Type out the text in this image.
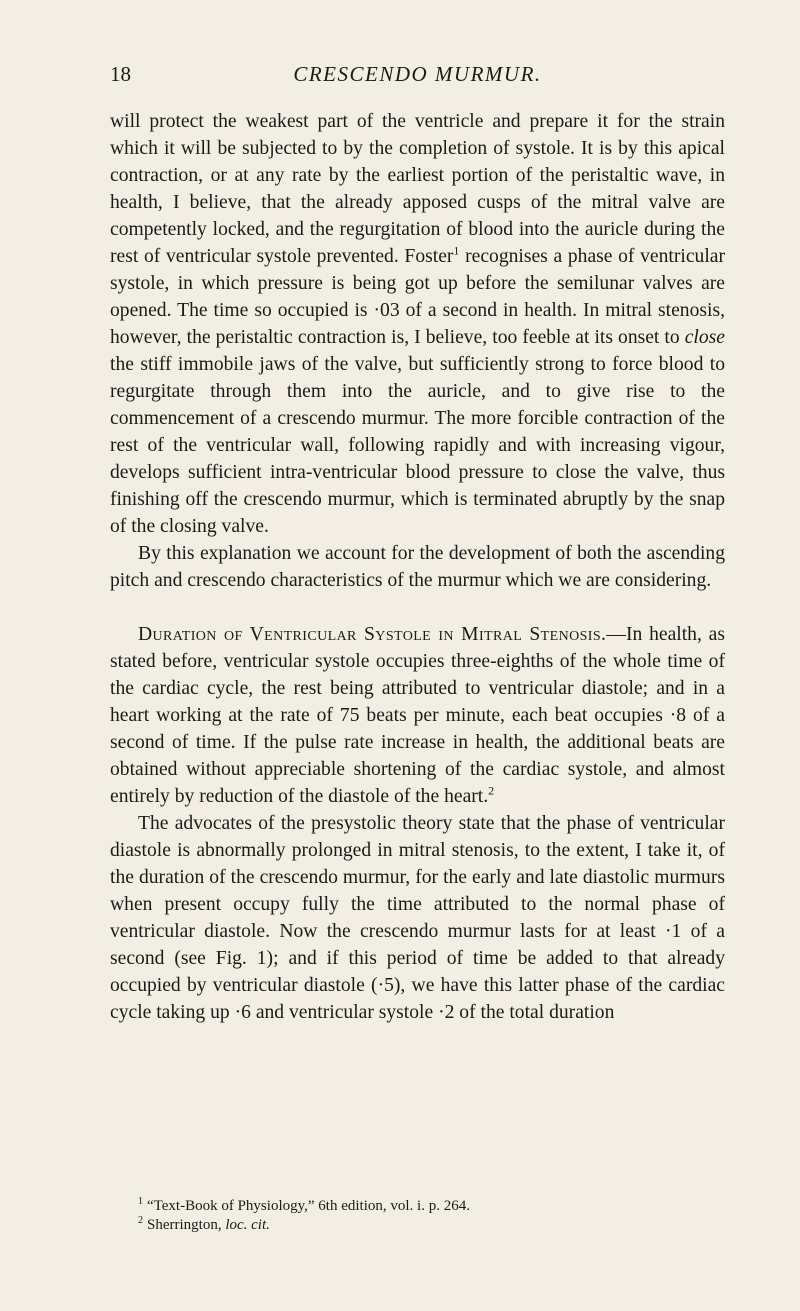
18	CRESCENDO MURMUR.

will protect the weakest part of the ventricle and prepare it for the strain which it will be subjected to by the completion of systole. It is by this apical contraction, or at any rate by the earliest portion of the peristaltic wave, in health, I believe, that the already apposed cusps of the mitral valve are competently locked, and the regurgitation of blood into the auricle during the rest of ventricular systole prevented. Foster$^1$ recognises a phase of ventricular systole, in which pressure is being got up before the semilunar valves are opened. The time so occupied is ·03 of a second in health. In mitral stenosis, however, the peristaltic contraction is, I believe, too feeble at its onset to close the stiff immobile jaws of the valve, but sufficiently strong to force blood to regurgitate through them into the auricle, and to give rise to the commencement of a crescendo murmur. The more forcible contraction of the rest of the ventricular wall, following rapidly and with increasing vigour, develops sufficient intra-ventricular blood pressure to close the valve, thus finishing off the crescendo murmur, which is terminated abruptly by the snap of the closing valve.

By this explanation we account for the development of both the ascending pitch and crescendo characteristics of the murmur which we are considering.

Duration of Ventricular Systole in Mitral Stenosis.—In health, as stated before, ventricular systole occupies three-eighths of the whole time of the cardiac cycle, the rest being attributed to ventricular diastole; and in a heart working at the rate of 75 beats per minute, each beat occupies ·8 of a second of time. If the pulse rate increase in health, the additional beats are obtained without appreciable shortening of the cardiac systole, and almost entirely by reduction of the diastole of the heart.$^2$

The advocates of the presystolic theory state that the phase of ventricular diastole is abnormally prolonged in mitral stenosis, to the extent, I take it, of the duration of the crescendo murmur, for the early and late diastolic murmurs when present occupy fully the time attributed to the normal phase of ventricular diastole. Now the crescendo murmur lasts for at least ·1 of a second (see Fig. 1); and if this period of time be added to that already occupied by ventricular diastole (·5), we have this latter phase of the cardiac cycle taking up ·6 and ventricular systole ·2 of the total duration

$^1$ “Text-Book of Physiology,” 6th edition, vol. i. p. 264.

$^2$ Sherrington, loc. cit.
